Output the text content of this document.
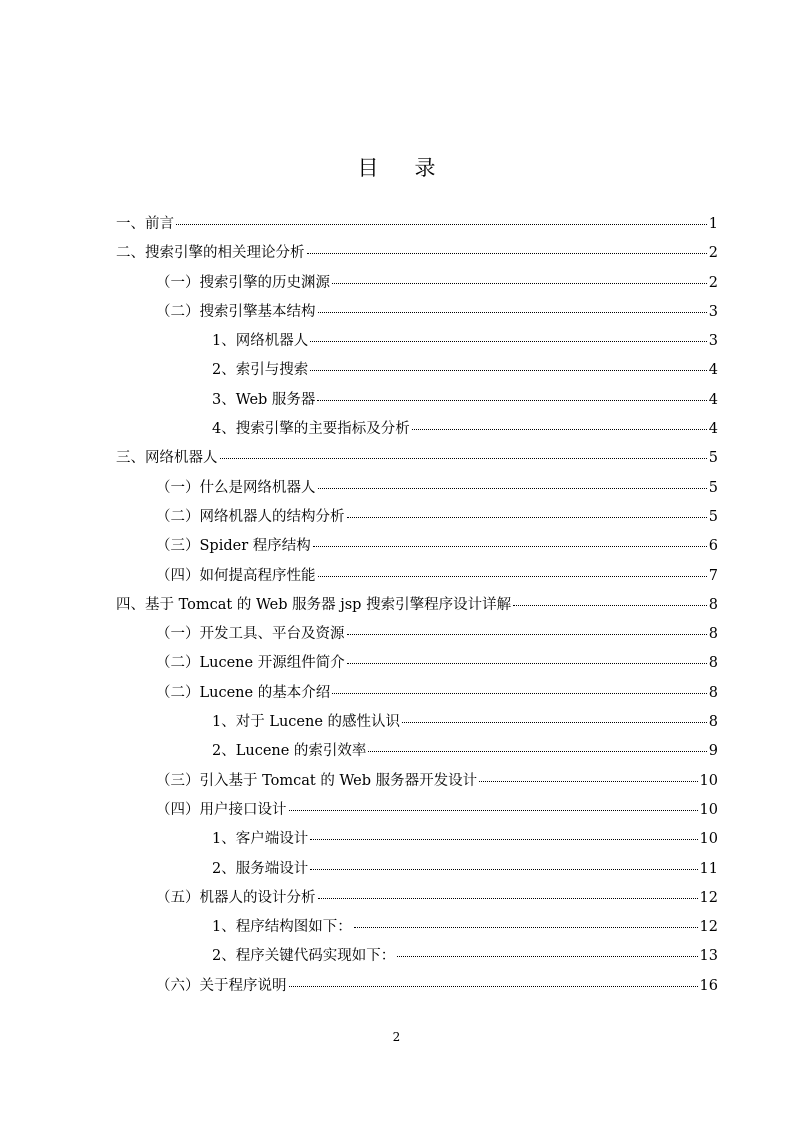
目录
一、前言	1
二、搜索引擎的相关理论分析	2
（一）搜索引擎的历史渊源	2
（二）搜索引擎基本结构	3
1、网络机器人	3
2、索引与搜索	4
3、Web 服务器	4
4、搜索引擎的主要指标及分析	4
三、网络机器人	5
（一）什么是网络机器人	5
（二）网络机器人的结构分析	5
（三）Spider 程序结构	6
（四）如何提高程序性能	7
四、基于 Tomcat 的 Web 服务器 jsp 搜索引擎程序设计详解	8
（一）开发工具、平台及资源	8
（二）Lucene 开源组件简介	8
（二）Lucene 的基本介绍	8
1、对于 Lucene 的感性认识	8
2、Lucene 的索引效率	9
（三）引入基于 Tomcat 的 Web 服务器开发设计	10
（四）用户接口设计	10
1、客户端设计	10
2、服务端设计	11
（五）机器人的设计分析	12
1、程序结构图如下：	12
2、程序关键代码实现如下：	13
（六）关于程序说明	16
2
